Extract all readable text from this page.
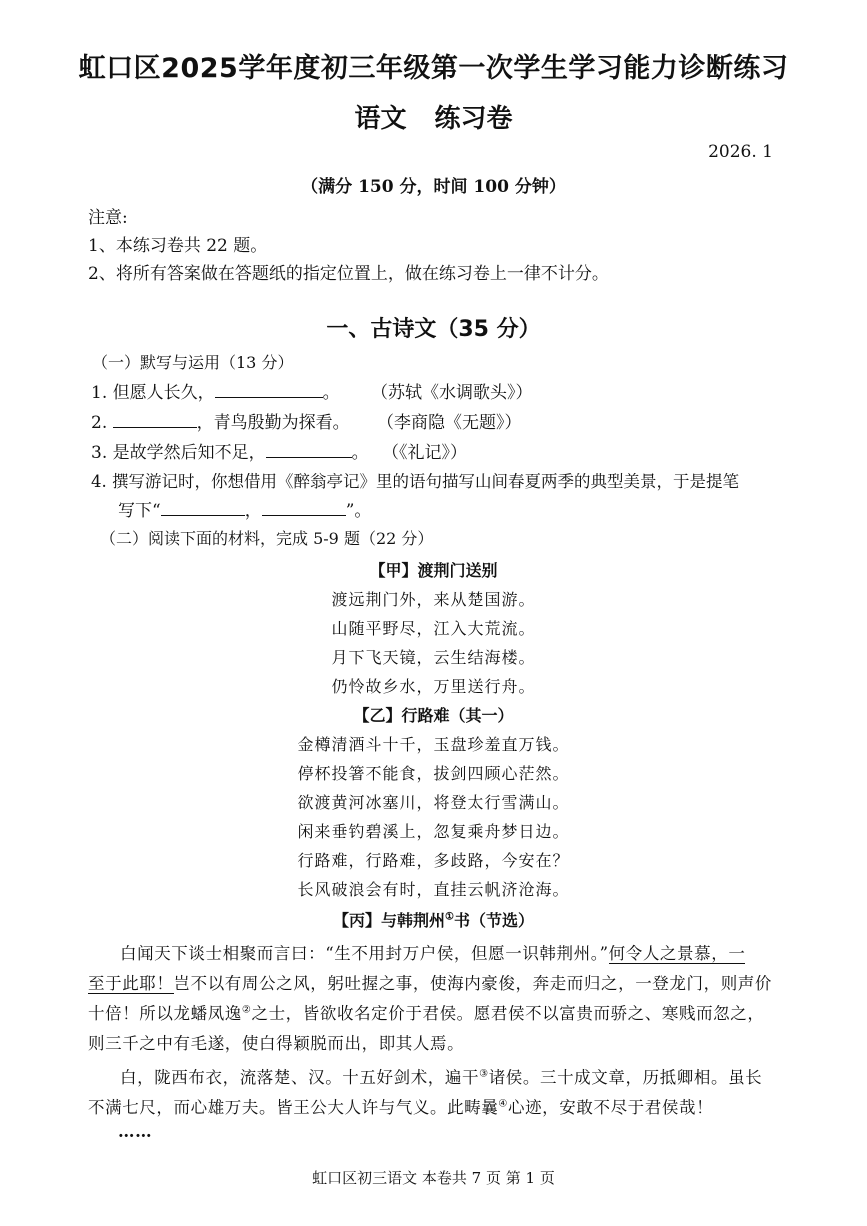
虹口区2025学年度初三年级第一次学生学习能力诊断练习
语文 练习卷
2026. 1
（满分 150 分，时间 100 分钟）
注意:
1、本练习卷共 22 题。
2、将所有答案做在答题纸的指定位置上，做在练习卷上一律不计分。
一、古诗文（35 分）
（一）默写与运用（13 分）
1. 但愿人长久，	。 （苏轼《水调歌头》）
2.	，青鸟殷勤为探看。 （李商隐《无题》）
3. 是故学然后知不足，	。 （《礼记》）
4. 撰写游记时，你想借用《醉翁亭记》里的语句描写山间春夏两季的典型美景，于是提笔
写下“	，	”。
（二）阅读下面的材料，完成 5-9 题（22 分）
【甲】渡荆门送别
渡远荆门外，来从楚国游。
山随平野尽，江入大荒流。
月下飞天镜，云生结海楼。
仍怜故乡水，万里送行舟。
【乙】行路难（其一）
金樽清酒斗十千，玉盘珍羞直万钱。
停杯投箸不能食，拔剑四顾心茫然。
欲渡黄河冰塞川，将登太行雪满山。
闲来垂钓碧溪上，忽复乘舟梦日边。
行路难，行路难，多歧路，今安在？
长风破浪会有时，直挂云帆济沧海。
【丙】与韩荆州①书（节选）
白闻天下谈士相聚而言曰：“生不用封万户侯，但愿一识韩荆州。”何令人之景慕，一
至于此耶！岂不以有周公之风，躬吐握之事，使海内豪俊，奔走而归之，一登龙门，则声价
十倍！所以龙蟠凤逸②之士，皆欲收名定价于君侯。愿君侯不以富贵而骄之、寒贱而忽之，
则三千之中有毛遂，使白得颖脱而出，即其人焉。
白，陇西布衣，流落楚、汉。十五好剑术，遍干③诸侯。三十成文章，历抵卿相。虽长
不满七尺，而心雄万夫。皆王公大人许与气义。此畴曩④心迹，安敢不尽于君侯哉！
……
虹口区初三语文 本卷共 7 页 第 1 页
